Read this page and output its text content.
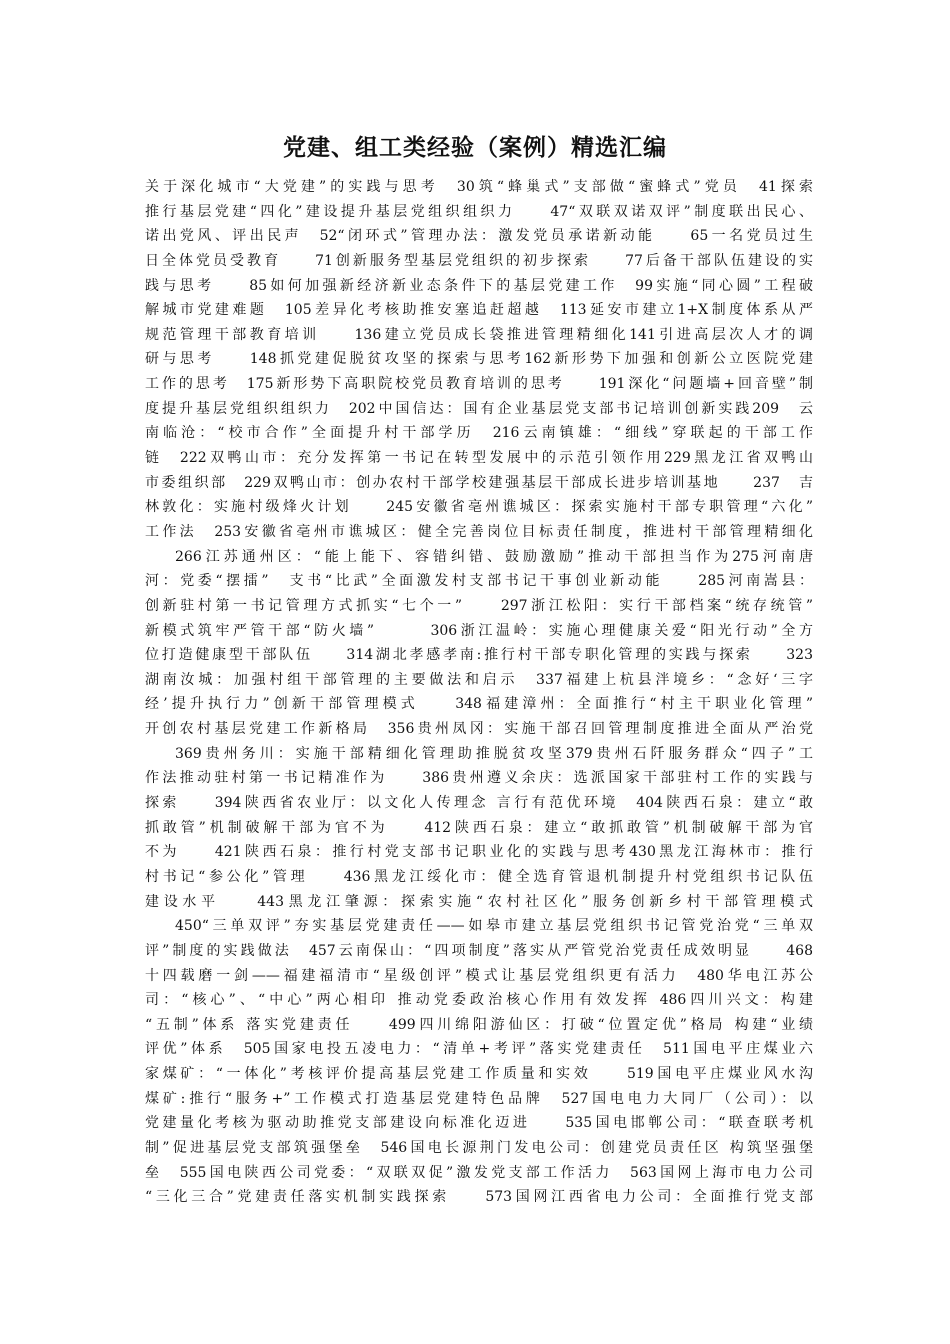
党建、组工类经验（案例）精选汇编
关于深化城市“大党建”的实践与思考　30筑“蜂巢式”支部做“蜜蜂式”党员　41探索
推行基层党建“四化”建设提升基层党组织组织力　　47“双联双诺双评”制度联出民心、
诺出党风、评出民声　52“闭环式”管理办法：激发党员承诺新动能　　65一名党员过生
日全体党员受教育　　71创新服务型基层党组织的初步探索　　77后备干部队伍建设的实
践与思考　　85如何加强新经济新业态条件下的基层党建工作　99实施“同心圆”工程破
解城市党建难题　105差异化考核助推安塞追赶超越　113延安市建立1+X制度体系从严
规范管理干部教育培训　　136建立党员成长袋推进管理精细化141引进高层次人才的调
研与思考　　148抓党建促脱贫攻坚的探索与思考162新形势下加强和创新公立医院党建
工作的思考　175新形势下高职院校党员教育培训的思考　　191深化“问题墙+回音壁”制
度提升基层党组织组织力　202中国信达：国有企业基层党支部书记培训创新实践209　云
南临沧：“校市合作”全面提升村干部学历　216云南镇雄：“细线”穿联起的干部工作
链　222双鸭山市：充分发挥第一书记在转型发展中的示范引领作用229黑龙江省双鸭山
市委组织部　229双鸭山市：创办农村干部学校建强基层干部成长进步培训基地　　237　吉
林敦化：实施村级烽火计划　　245安徽省亳州谯城区：探索实施村干部专职管理“六化”
工作法　253安徽省亳州市谯城区：健全完善岗位目标责任制度，推进村干部管理精细化
266江苏通州区：“能上能下、容错纠错、鼓励激励”推动干部担当作为275河南唐
河：党委“摆擂”　支书“比武”全面激发村支部书记干事创业新动能　　285河南嵩县：
创新驻村第一书记管理方式抓实“七个一”　　297浙江松阳：实行干部档案“统存统管”
新模式筑牢严管干部“防火墙”　　　306浙江温岭：实施心理健康关爱“阳光行动”全方
位打造健康型干部队伍　　314湖北孝感孝南:推行村干部专职化管理的实践与探索　　323
湖南汝城：加强村组干部管理的主要做法和启示　337福建上杭县泮境乡：“念好‘三字
经’提升执行力”创新干部管理模式　　348福建漳州：全面推行“村主干职业化管理”
开创农村基层党建工作新格局　356贵州凤冈：实施干部召回管理制度推进全面从严治党
369贵州务川：实施干部精细化管理助推脱贫攻坚379贵州石阡服务群众“四子”工
作法推动驻村第一书记精准作为　　386贵州遵义余庆：选派国家干部驻村工作的实践与
探索　　394陕西省农业厅：以文化人传理念 言行有范优环境　404陕西石泉：建立“敢
抓敢管”机制破解干部为官不为　　412陕西石泉：建立“敢抓敢管”机制破解干部为官
不为　　421陕西石泉：推行村党支部书记职业化的实践与思考430黑龙江海林市：推行
村书记“参公化”管理　　436黑龙江绥化市：健全选育管退机制提升村党组织书记队伍
建设水平　　443黑龙江肇源：探索实施“农村社区化”服务创新乡村干部管理模式
450“三单双评”夯实基层党建责任——如皋市建立基层党组织书记管党治党“三单双
评”制度的实践做法　457云南保山：“四项制度”落实从严管党治党责任成效明显　　468
十四载磨一剑——福建福清市“星级创评”模式让基层党组织更有活力　480华电江苏公
司：“核心”、“中心”两心相印 推动党委政治核心作用有效发挥 486四川兴文：构建
“五制”体系 落实党建责任　　499四川绵阳游仙区：打破“位置定优”格局 构建“业绩
评优”体系　505国家电投五凌电力：“清单+考评”落实党建责任　511国电平庄煤业六
家煤矿：“一体化”考核评价提高基层党建工作质量和实效　　519国电平庄煤业风水沟
煤矿:推行“服务+”工作模式打造基层党建特色品牌　527国电电力大同厂（公司）：以
党建量化考核为驱动助推党支部建设向标准化迈进　　535国电邯郸公司：“联查联考机
制”促进基层党支部筑强堡垒　546国电长源荆门发电公司：创建党员责任区 构筑坚强堡
垒　555国电陕西公司党委：“双联双促”激发党支部工作活力　563国网上海市电力公司
“三化三合”党建责任落实机制实践探索　　573国网江西省电力公司：全面推行党支部
